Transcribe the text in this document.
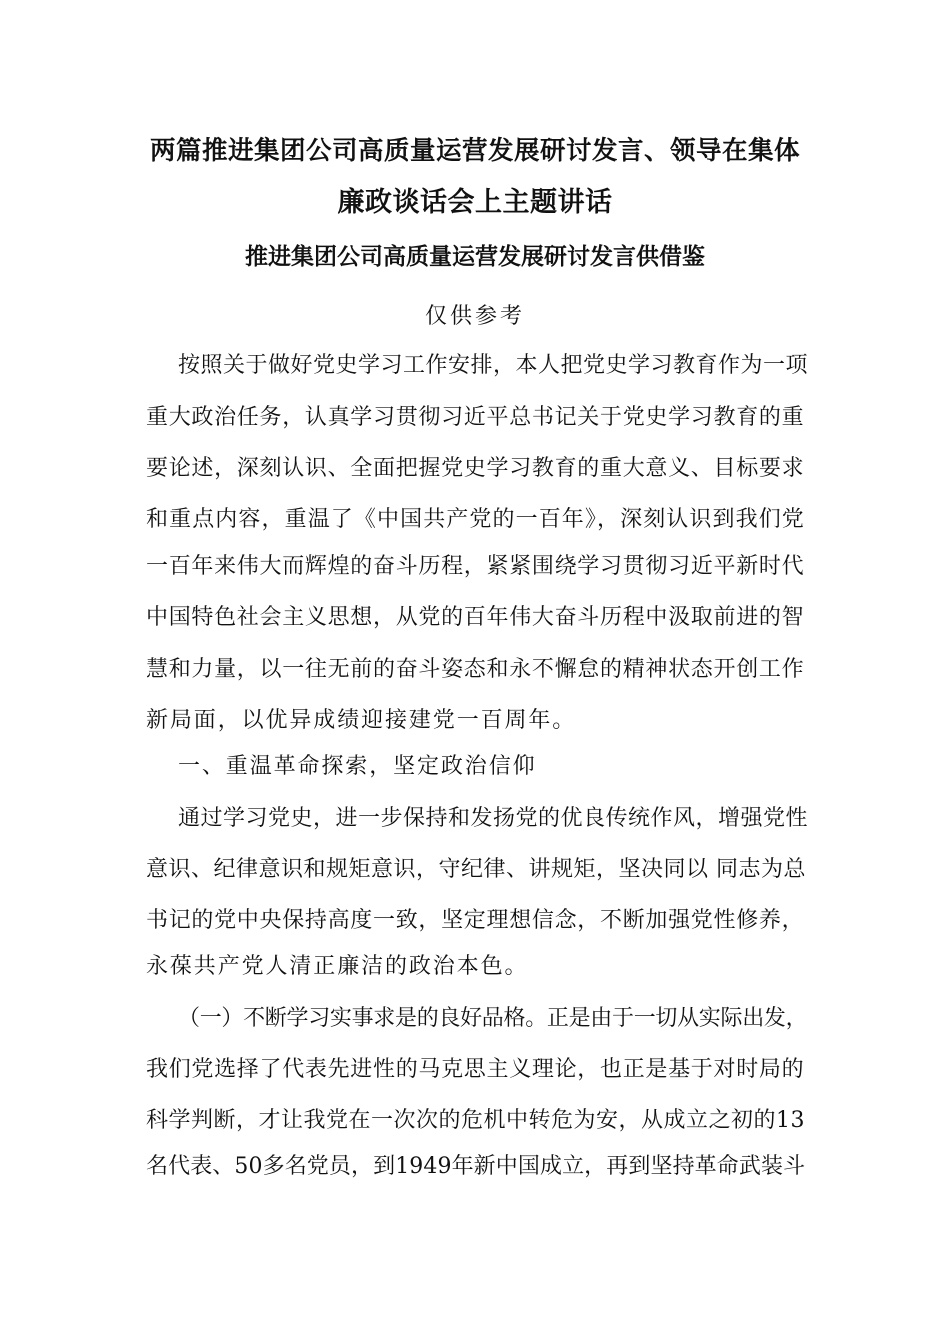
两篇推进集团公司高质量运营发展研讨发言、领导在集体
廉政谈话会上主题讲话
推进集团公司高质量运营发展研讨发言供借鉴
仅供参考
按照关于做好党史学习工作安排，本人把党史学习教育作为一项
重大政治任务，认真学习贯彻习近平总书记关于党史学习教育的重
要论述，深刻认识、全面把握党史学习教育的重大意义、目标要求
和重点内容，重温了《中国共产党的一百年》，深刻认识到我们党
一百年来伟大而辉煌的奋斗历程，紧紧围绕学习贯彻习近平新时代
中国特色社会主义思想，从党的百年伟大奋斗历程中汲取前进的智
慧和力量，以一往无前的奋斗姿态和永不懈怠的精神状态开创工作
新局面，以优异成绩迎接建党一百周年。
一、重温革命探索，坚定政治信仰
通过学习党史，进一步保持和发扬党的优良传统作风，增强党性
意识、纪律意识和规矩意识，守纪律、讲规矩，坚决同以 同志为总
书记的党中央保持高度一致，坚定理想信念，不断加强党性修养，
永葆共产党人清正廉洁的政治本色。
（一）不断学习实事求是的良好品格。正是由于一切从实际出发，
我们党选择了代表先进性的马克思主义理论，也正是基于对时局的
科学判断，才让我党在一次次的危机中转危为安，从成立之初的13
名代表、50多名党员，到1949年新中国成立，再到坚持革命武装斗
